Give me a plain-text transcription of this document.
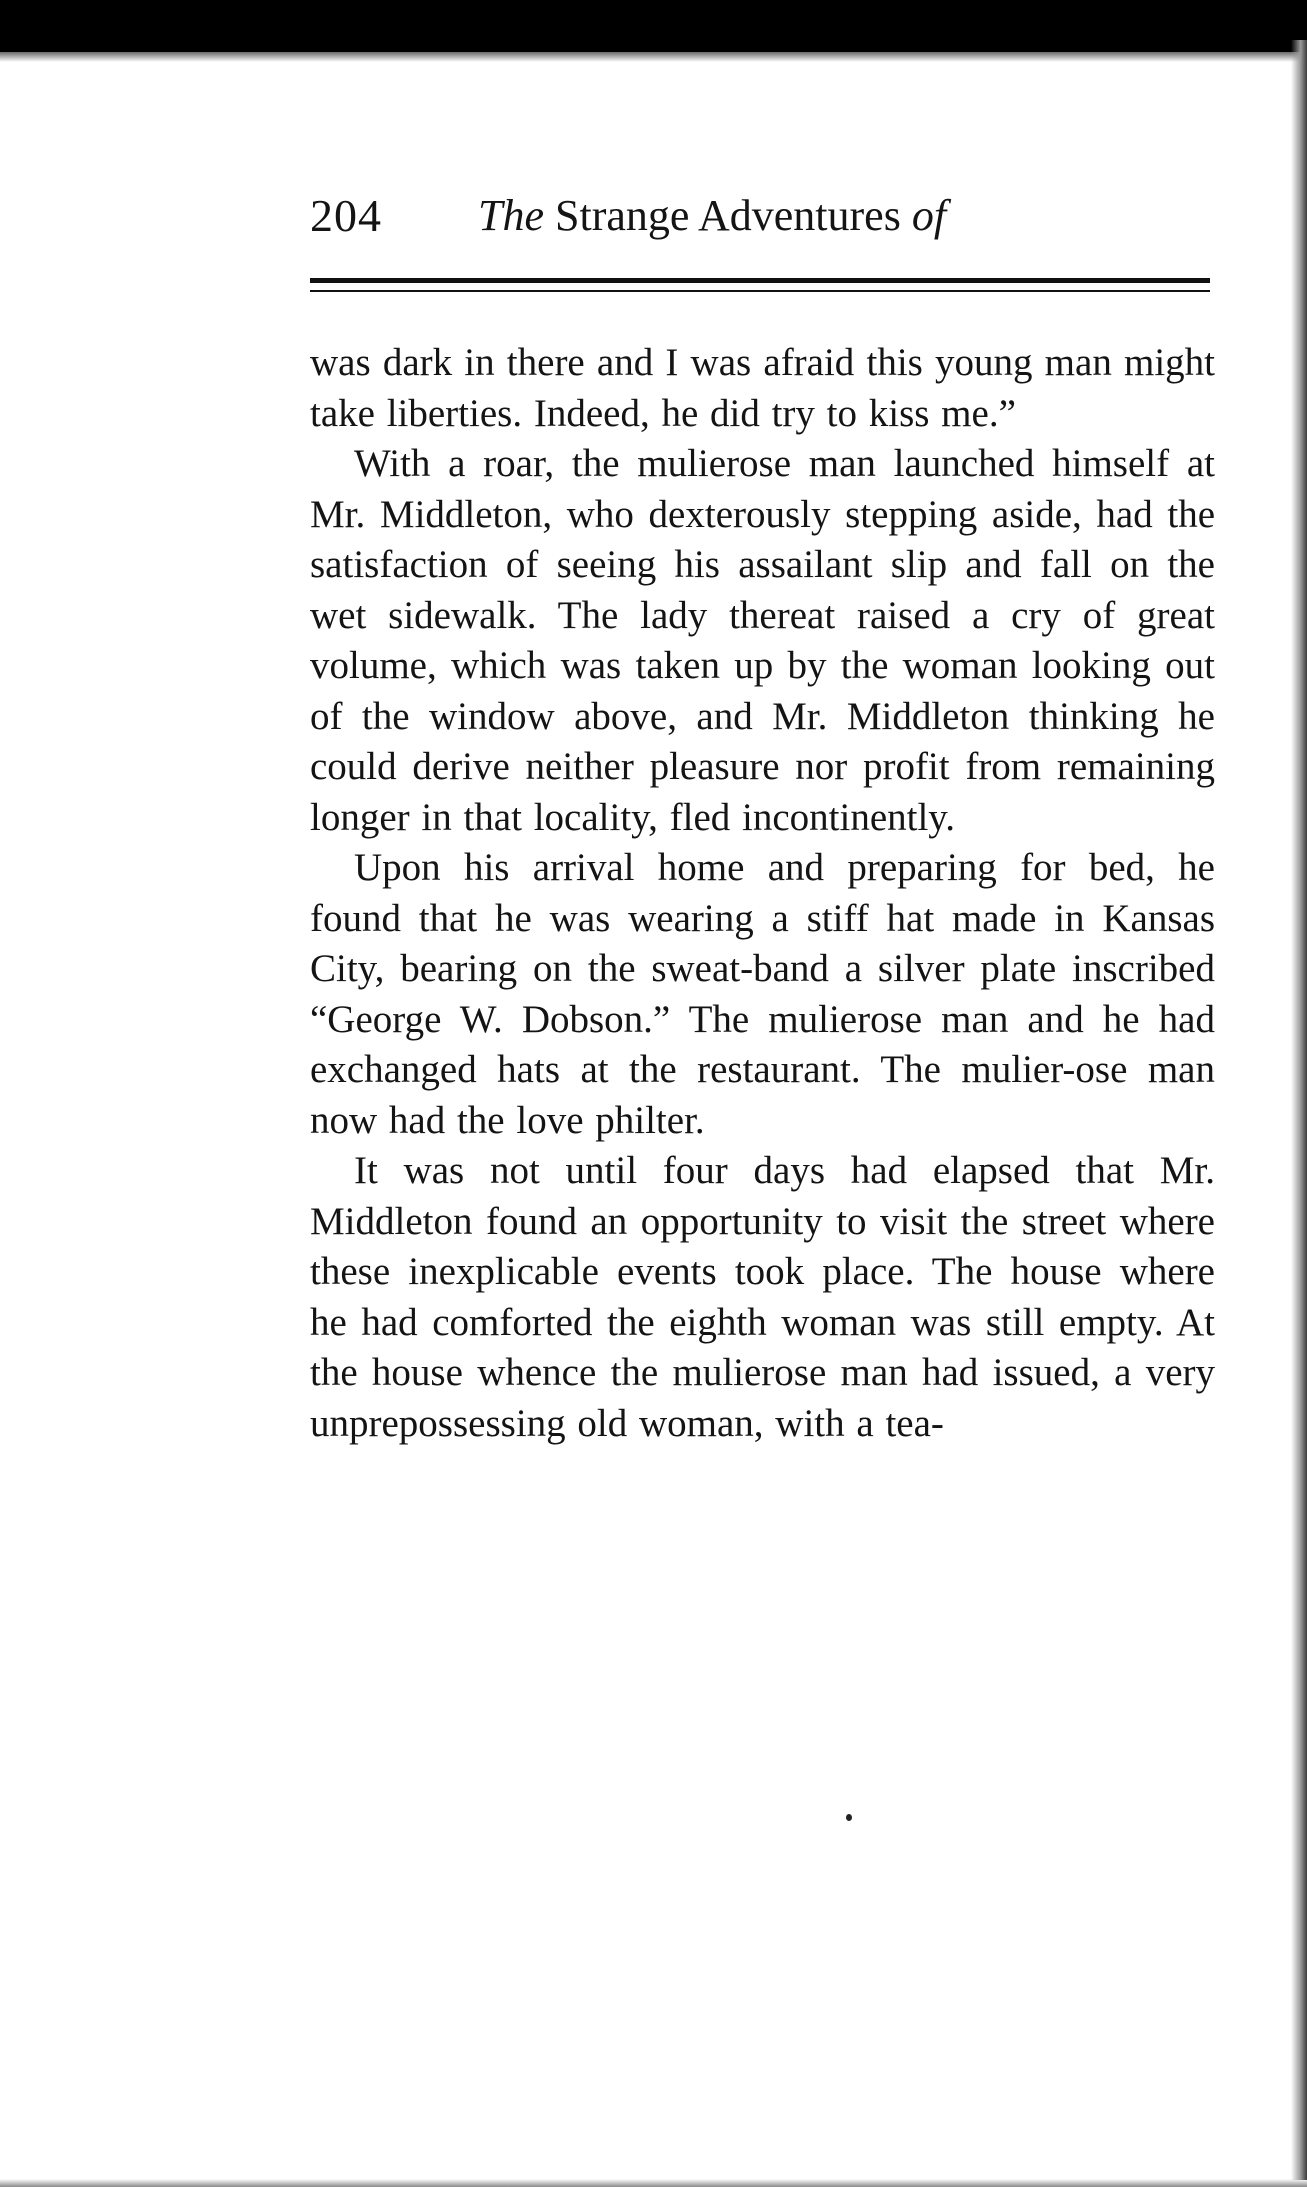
204 The Strange Adventures of

was dark in there and I was afraid this young man might take liberties. Indeed, he did try to kiss me.”

With a roar, the mulierose man launched himself at Mr. Middleton, who dexterously stepping aside, had the satisfaction of seeing his assailant slip and fall on the wet sidewalk. The lady thereat raised a cry of great volume, which was taken up by the woman looking out of the window above, and Mr. Middleton thinking he could derive neither pleasure nor profit from remaining longer in that locality, fled incontinently.

Upon his arrival home and preparing for bed, he found that he was wearing a stiff hat made in Kansas City, bearing on the sweat-band a silver plate inscribed “George W. Dobson.” The mulierose man and he had exchanged hats at the restaurant. The mulier-ose man now had the love philter.

It was not until four days had elapsed that Mr. Middleton found an opportunity to visit the street where these inexplicable events took place. The house where he had comforted the eighth woman was still empty. At the house whence the mulierose man had issued, a very unprepossessing old woman, with a tea-
